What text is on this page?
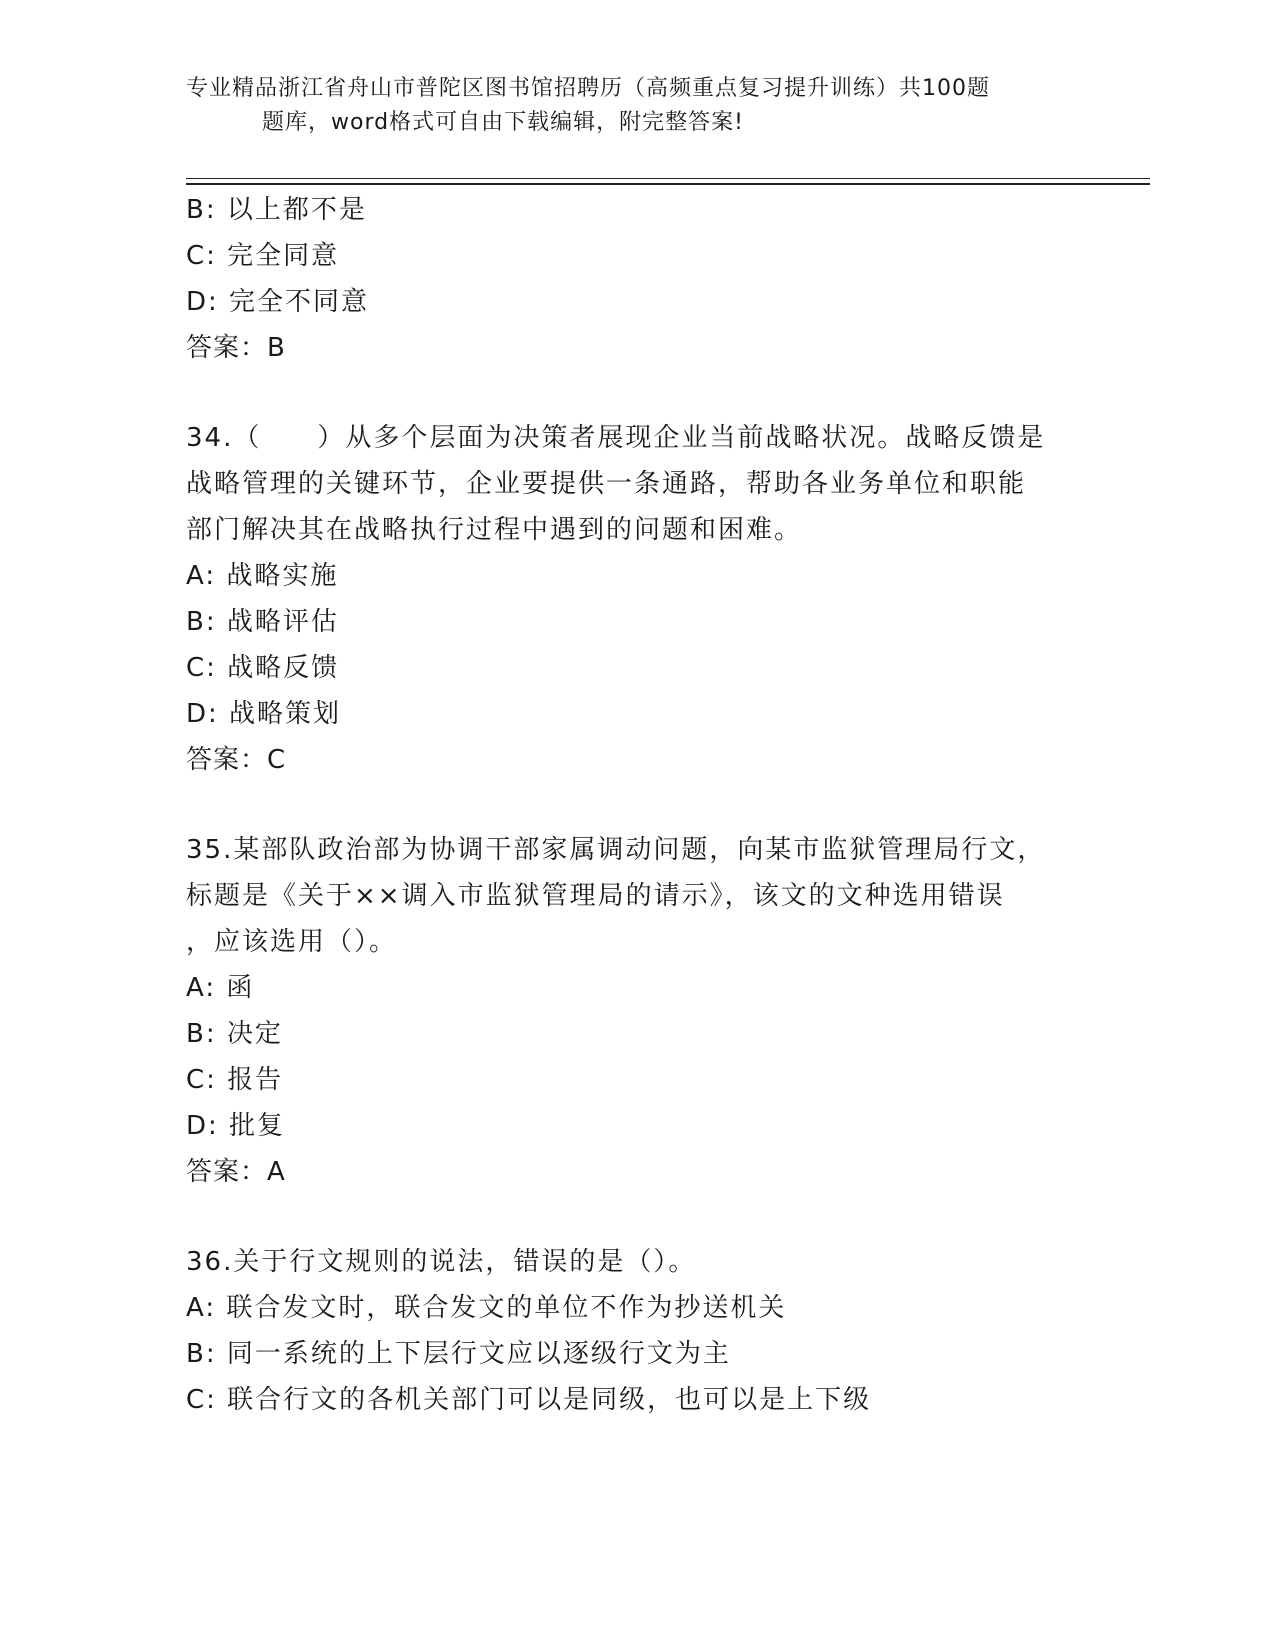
专业精品浙江省舟山市普陀区图书馆招聘历（高频重点复习提升训练）共100题
题库，word格式可自由下载编辑，附完整答案!
B: 以上都不是
C: 完全同意
D: 完全不同意
答案：B
34.（　　）从多个层面为决策者展现企业当前战略状况。战略反馈是
战略管理的关键环节，企业要提供一条通路，帮助各业务单位和职能
部门解决其在战略执行过程中遇到的问题和困难。
A: 战略实施
B: 战略评估
C: 战略反馈
D: 战略策划
答案：C
35.某部队政治部为协调干部家属调动问题，向某市监狱管理局行文，
标题是《关于××调入市监狱管理局的请示》，该文的文种选用错误
，应该选用（）。
A: 函
B: 决定
C: 报告
D: 批复
答案：A
36.关于行文规则的说法，错误的是（）。
A: 联合发文时，联合发文的单位不作为抄送机关
B: 同一系统的上下层行文应以逐级行文为主
C: 联合行文的各机关部门可以是同级，也可以是上下级
